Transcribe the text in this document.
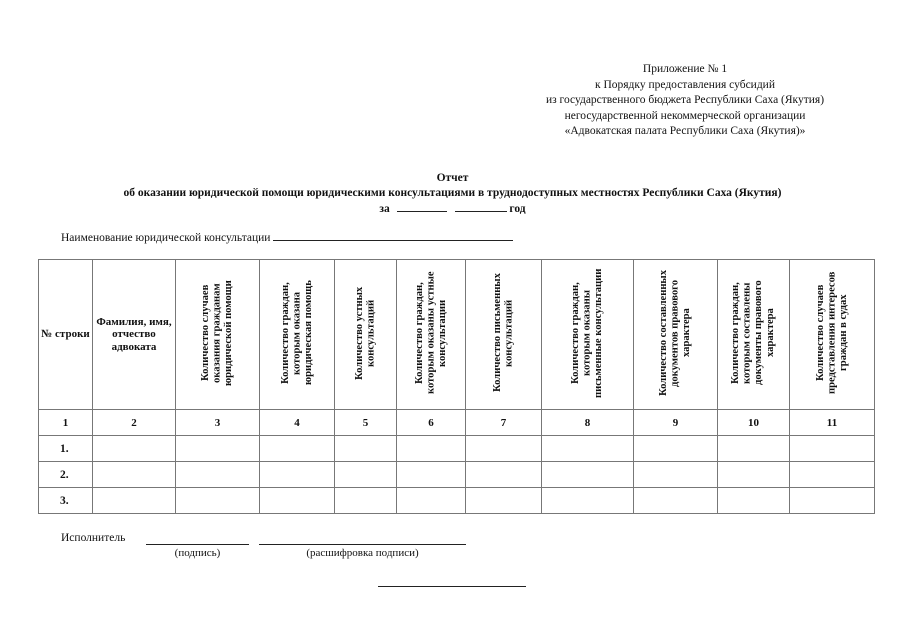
Приложение № 1
к Порядку предоставления субсидий
из государственного бюджета Республики Саха (Якутия)
негосударственной некоммерческой организации
«Адвокатская палата Республики Саха (Якутия)»
Отчет
об оказании юридической помощи юридическими консультациями в труднодоступных местностях Республики Саха (Якутия)
за	год
Наименование юридической консультации
№ строки	Фамилия, имя, отчество адвоката	Количество случаев оказания гражданам юридической помощи	Количество граждан, которым оказана юридическая помощь	Количество устных консультаций	Количество граждан, которым оказаны устные консультации	Количество письменных консультаций	Количество граждан, которым оказаны письменные консультации	Количество составленных документов правового характера	Количество граждан, которым составлены документы правового характера	Количество случаев представления интересов граждан в судах
1	2	3	4	5	6	7	8	9	10	11
1.										
2.										
3.										
Исполнитель
(подпись)	(расшифровка подписи)
